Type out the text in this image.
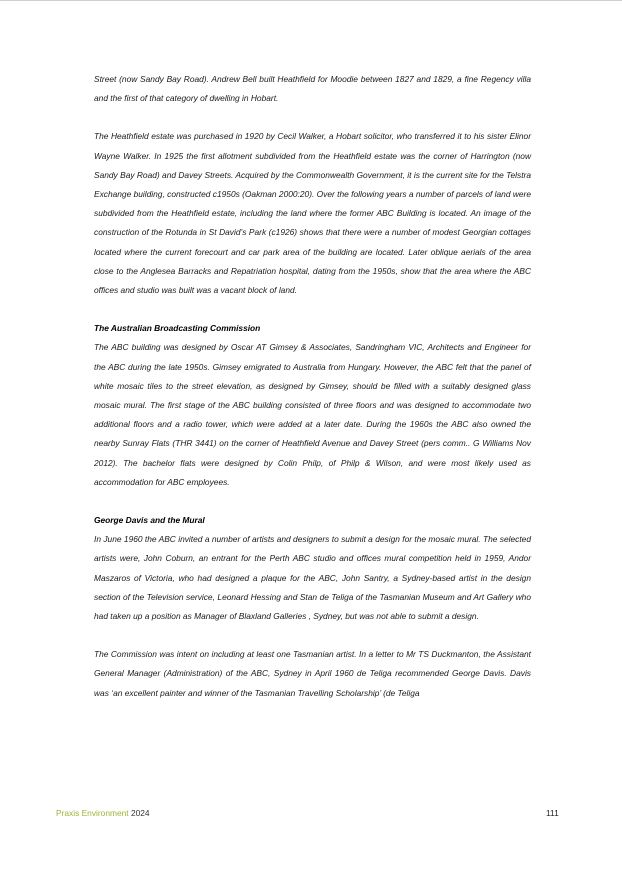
Street (now Sandy Bay Road). Andrew Bell built Heathfield for Moodie between 1827 and 1829, a fine Regency villa and the first of that category of dwelling in Hobart.

The Heathfield estate was purchased in 1920 by Cecil Walker, a Hobart solicitor, who transferred it to his sister Elinor Wayne Walker. In 1925 the first allotment subdivided from the Heathfield estate was the corner of Harrington (now Sandy Bay Road) and Davey Streets. Acquired by the Commonwealth Government, it is the current site for the Telstra Exchange building, constructed c1950s (Oakman 2000:20). Over the following years a number of parcels of land were subdivided from the Heathfield estate, including the land where the former ABC Building is located. An image of the construction of the Rotunda in St David’s Park (c1926) shows that there were a number of modest Georgian cottages located where the current forecourt and car park area of the building are located. Later oblique aerials of the area close to the Anglesea Barracks and Repatriation hospital, dating from the 1950s, show that the area where the ABC offices and studio was built was a vacant block of land.

The Australian Broadcasting Commission

The ABC building was designed by Oscar AT Gimsey & Associates, Sandringham VIC, Architects and Engineer for the ABC during the late 1950s. Gimsey emigrated to Australia from Hungary. However, the ABC felt that the panel of white mosaic tiles to the street elevation, as designed by Gimsey, should be filled with a suitably designed glass mosaic mural. The first stage of the ABC building consisted of three floors and was designed to accommodate two additional floors and a radio tower, which were added at a later date. During the 1960s the ABC also owned the nearby Sunray Flats (THR 3441) on the corner of Heathfield Avenue and Davey Street (pers comm.. G Williams Nov 2012). The bachelor flats were designed by Colin Philp, of Philp & Wilson, and were most likely used as accommodation for ABC employees.

George Davis and the Mural

In June 1960 the ABC invited a number of artists and designers to submit a design for the mosaic mural. The selected artists were, John Coburn, an entrant for the Perth ABC studio and offices mural competition held in 1959, Andor Maszaros of Victoria, who had designed a plaque for the ABC, John Santry, a Sydney-based artist in the design section of the Television service, Leonard Hessing and Stan de Teliga of the Tasmanian Museum and Art Gallery who had taken up a position as Manager of Blaxland Galleries , Sydney, but was not able to submit a design.

The Commission was intent on including at least one Tasmanian artist. In a letter to Mr TS Duckmanton, the Assistant General Manager (Administration) of the ABC, Sydney in April 1960 de Teliga recommended George Davis. Davis was ‘an excellent painter and winner of the Tasmanian Travelling Scholarship’ (de Teliga

Praxis Environment 2024	111
